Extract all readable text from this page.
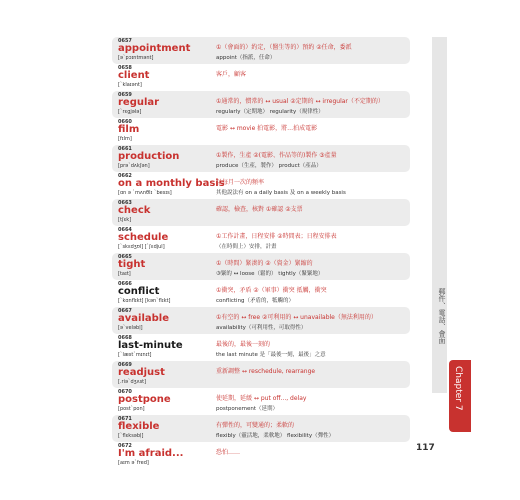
0657
appointment
[ə`pɔɪntmənt]
①（會面的）約定，（醫生等的）預約 ②任命，委派
appoint（指派，任命）
0658
client
[`klaɪənt]
客戶，顧客
0659
regular
[`rɛgjələ]
①通常的，慣常的 ↔ usual ②定期的 ↔ irregular（不定期的）
regularly（定期地） regularity（規律性）
0660
film
[fɪlm]
電影 ↔ movie 拍電影，將…拍成電影
0661
production
[prə`dʌkʃən]
①製作，生產 ②(電影、作品等的)製作 ③產量
produce（生產，製作） product（產品）
0662
on a monthly basis
[ɑn ə `mʌnθlɪ `besɪs]
以每月一次的頻率
其他說法有 on a daily basis 及 on a weekly basis
0663
check
[tʃɛk]
確認，檢查，核對 ①確認 ②支票
0664
schedule
[`skɛdʒʊl] [`ʃɛdjul]
①工作計畫，日程安排 ②時間表；日程安排表
（在時間上）安排，計畫
0665
tight
[taɪt]
①（時間）緊湊的 ②（資金）緊縮的
③緊的 ↔ loose（鬆的） tightly（緊緊地）
0666
conflict
[`kɑnflɪkt] [kən`flɪkt]
①衝突，矛盾 ②（軍事）衝突 抵觸，衝突
conflicting（矛盾的，牴觸的）
0667
available
[ə`veləbḷ]
①有空的 ↔ free ②可利用的 ↔ unavailable（無法利用的）
availability（可利用性，可取得性）
0668
last-minute
[`læst`mɪnɪt]
最後的，最後一刻的
the last minute 是「最後一刻，最後」之意
0669
readjust
[.riə`dʒʌst]
重新調整 ↔ reschedule, rearrange
0670
postpone
[post`pon]
使延期，延緩 ↔ put off..., delay
postponement（延期）
0671
flexible
[`flɛksəbḷ]
有彈性的，可變通的；柔軟的
flexibly（靈活地，柔軟地） flexibility（彈性）
0672
I'm afraid...
[aɪm ə`fred]
恐怕……
郵件、電話、會面
Chapter 7
117
